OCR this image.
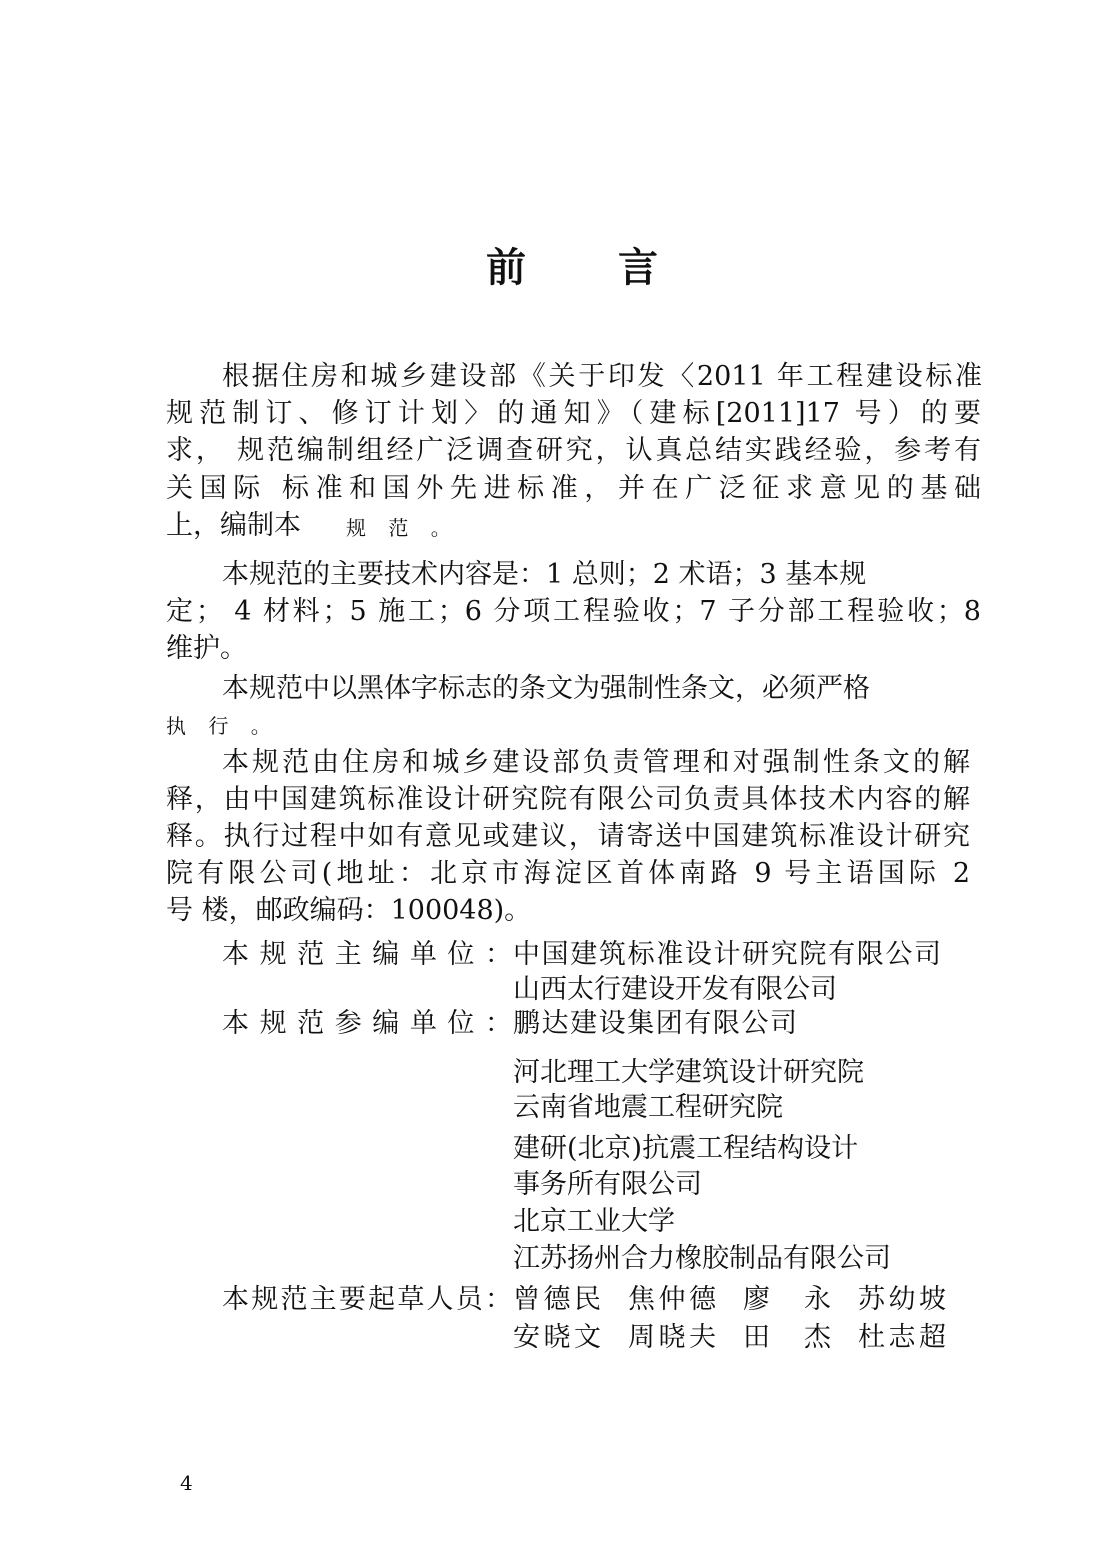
前 言
根据住房和城乡建设部《关于印发〈2011 年工程建设标准
规范制订、修订计划〉的通知》（建标[2011]17 号）的要
求， 规范编制组经广泛调查研究，认真总结实践经验，参考有
关国际 标准和国外先进标准，并在广泛征求意见的基础
上，编制本 规 范 。
本规范的主要技术内容是：1 总则；2 术语；3 基本规
定； 4 材料；5 施工；6 分项工程验收；7 子分部工程验收；8
维护。
本规范中以黑体字标志的条文为强制性条文，必须严格
执 行 。
本规范由住房和城乡建设部负责管理和对强制性条文的解
释，由中国建筑标准设计研究院有限公司负责具体技术内容的解
释。执行过程中如有意见或建议，请寄送中国建筑标准设计研究
院有限公司(地址：北京市海淀区首体南路 9 号主语国际 2
号 楼，邮政编码：100048)。
本规范主编单位： 中国建筑标准设计研究院有限公司
山西太行建设开发有限公司
本规范参编单位： 鹏达建设集团有限公司
河北理工大学建筑设计研究院
云南省地震工程研究院
建研(北京)抗震工程结构设计
事务所有限公司
北京工业大学
江苏扬州合力橡胶制品有限公司
本规范主要起草人员： 曾德民 焦仲德 廖　永 苏幼坡
安晓文 周晓夫 田　杰 杜志超
4
